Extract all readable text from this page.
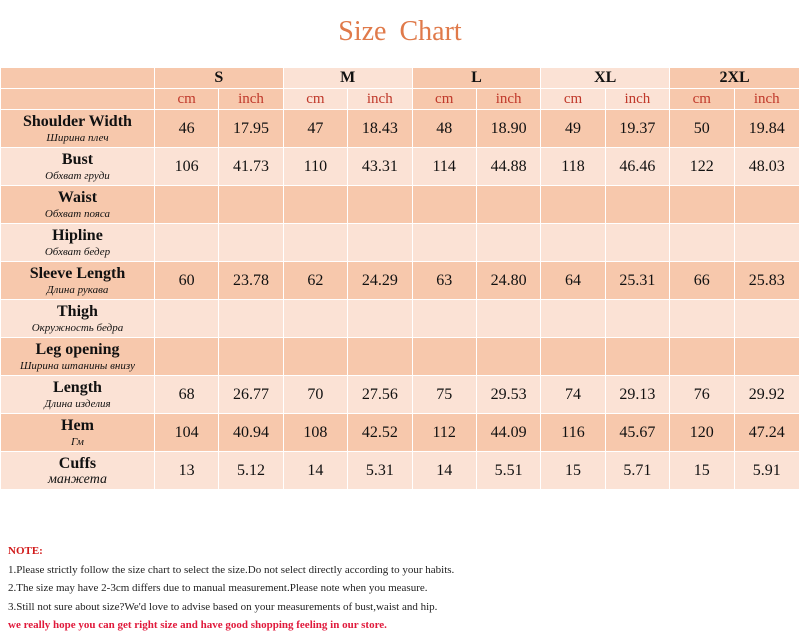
Size Chart
	S		M		L		XL		2XL	
	cm	inch	cm	inch	cm	inch	cm	inch	cm	inch

Shoulder Width
Ширина плеч	46	17.95	47	18.43	48	18.90	49	19.37	50	19.84

Bust
Обхват груди	106	41.73	110	43.31	114	44.88	118	46.46	122	48.03

Waist
Обхват пояса										

Hipline
Обхват бедер										

Sleeve Length
Длина рукава	60	23.78	62	24.29	63	24.80	64	25.31	66	25.83

Thigh
Окружность бедра										

Leg opening
Ширина штанины внизу										

Length
Длина изделия	68	26.77	70	27.56	75	29.53	74	29.13	76	29.92

Hem
Гм	104	40.94	108	42.52	112	44.09	116	45.67	120	47.24

Cuffs
манжета	13	5.12	14	5.31	14	5.51	15	5.71	15	5.91
NOTE:
1.Please strictly follow the size chart to select the size.Do not select directly according to your habits.
2.The size may have 2-3cm differs due to manual measurement.Please note when you measure.
3.Still not sure about size?We'd love to advise based on your measurements of bust,waist and hip.
we really hope you can get right size and have good shopping feeling in our store.
